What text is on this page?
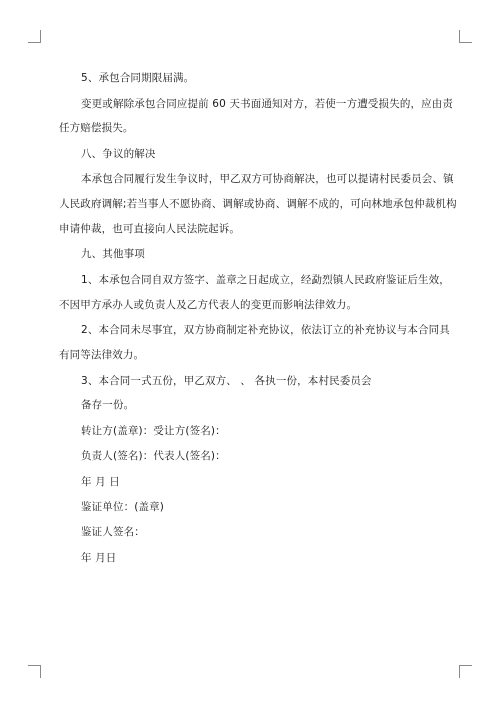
5、承包合同期限届满。
变更或解除承包合同应提前 60 天书面通知对方，若使一方遭受损失的，应由责
任方赔偿损失。
八、争议的解决
本承包合同履行发生争议时，甲乙双方可协商解决，也可以提请村民委员会、镇
人民政府调解;若当事人不愿协商、调解或协商、调解不成的，可向林地承包仲裁机构
申请仲裁，也可直接向人民法院起诉。
九、其他事项
1、本承包合同自双方签字、盖章之日起成立，经勐烈镇人民政府鉴证后生效，
不因甲方承办人或负责人及乙方代表人的变更而影响法律效力。
2、本合同未尽事宜，双方协商制定补充协议，依法订立的补充协议与本合同具
有同等法律效力。
3、本合同一式五份，甲乙双方、 、 各执一份，本村民委员会
备存一份。
转让方(盖章)：受让方(签名)：
负责人(签名)：代表人(签名)：
年 月 日
鉴证单位：(盖章)
鉴证人签名：
年 月日
